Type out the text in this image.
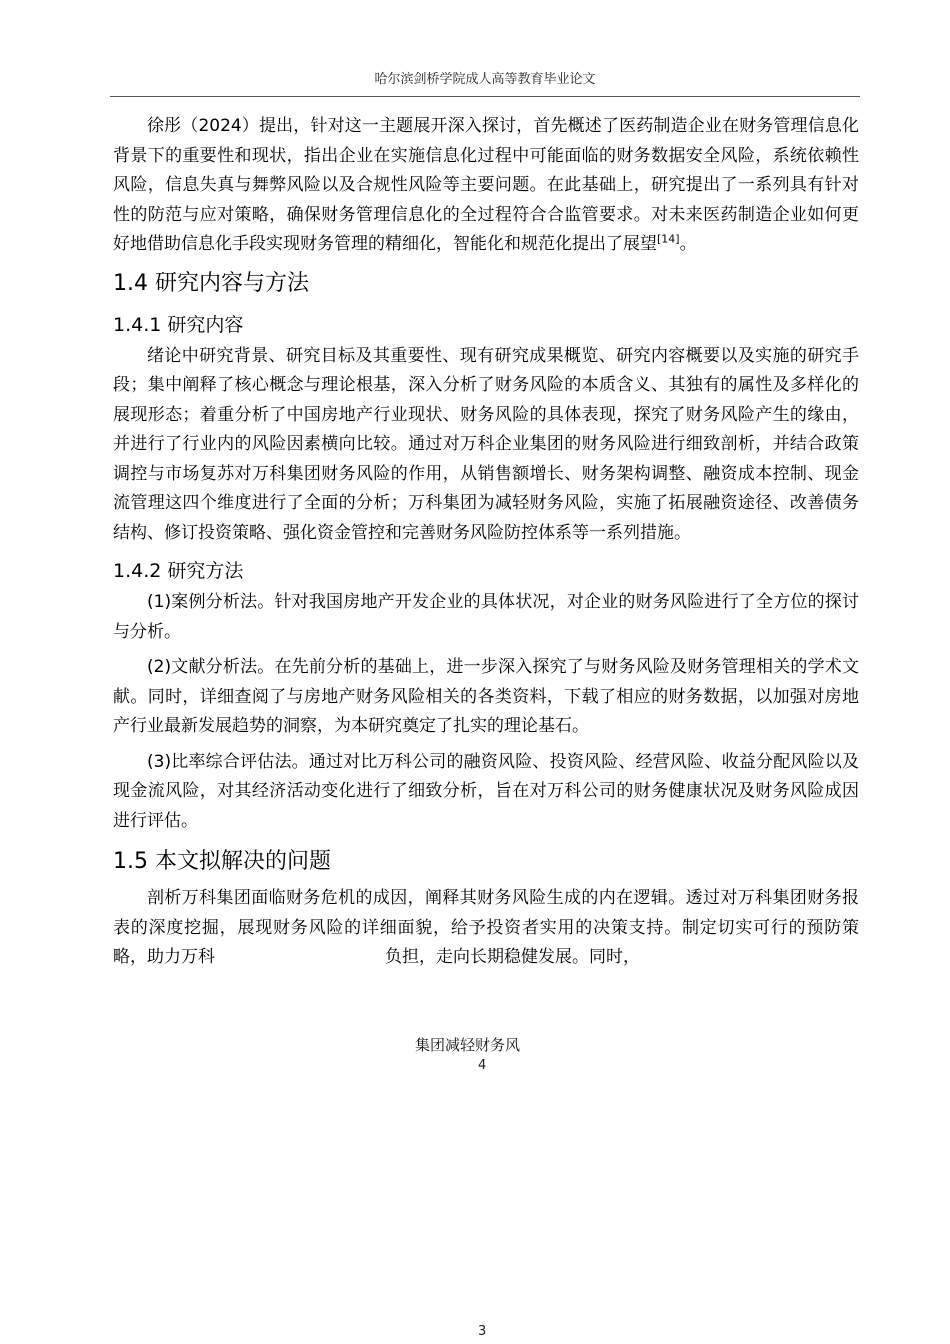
哈尔滨剑桥学院成人高等教育毕业论文

徐彤（2024）提出，针对这一主题展开深入探讨，首先概述了医药制造企业在财务管理信息化背景下的重要性和现状，指出企业在实施信息化过程中可能面临的财务数据安全风险，系统依赖性风险，信息失真与舞弊风险以及合规性风险等主要问题。在此基础上，研究提出了一系列具有针对性的防范与应对策略，确保财务管理信息化的全过程符合合监管要求。对未来医药制造企业如何更好地借助信息化手段实现财务管理的精细化，智能化和规范化提出了展望[14]。

1.4 研究内容与方法
1.4.1 研究内容

绪论中研究背景、研究目标及其重要性、现有研究成果概览、研究内容概要以及实施的研究手段；集中阐释了核心概念与理论根基，深入分析了财务风险的本质含义、其独有的属性及多样化的展现形态；着重分析了中国房地产行业现状、财务风险的具体表现，探究了财务风险产生的缘由，并进行了行业内的风险因素横向比较。通过对万科企业集团的财务风险进行细致剖析，并结合政策调控与市场复苏对万科集团财务风险的作用，从销售额增长、财务架构调整、融资成本控制、现金流管理这四个维度进行了全面的分析；万科集团为减轻财务风险，实施了拓展融资途径、改善债务结构、修订投资策略、强化资金管控和完善财务风险防控体系等一系列措施。

1.4.2 研究方法

(1)案例分析法。针对我国房地产开发企业的具体状况，对企业的财务风险进行了全方位的探讨与分析。

(2)文献分析法。在先前分析的基础上，进一步深入探究了与财务风险及财务管理相关的学术文献。同时，详细查阅了与房地产财务风险相关的各类资料，下载了相应的财务数据，以加强对房地产行业最新发展趋势的洞察，为本研究奠定了扎实的理论基石。

(3)比率综合评估法。通过对比万科公司的融资风险、投资风险、经营风险、收益分配风险以及现金流风险，对其经济活动变化进行了细致分析，旨在对万科公司的财务健康状况及财务风险成因进行评估。

1.5 本文拟解决的问题

剖析万科集团面临财务危机的成因，阐释其财务风险生成的内在逻辑。透过对万科集团财务报表的深度挖掘，展现财务风险的详细面貌，给予投资者实用的决策支持。制定切实可行的预防策略，助力万科　　　　　　　　　　负担，走向长期稳健发展。同时，

集团减轻财务风
4
3
